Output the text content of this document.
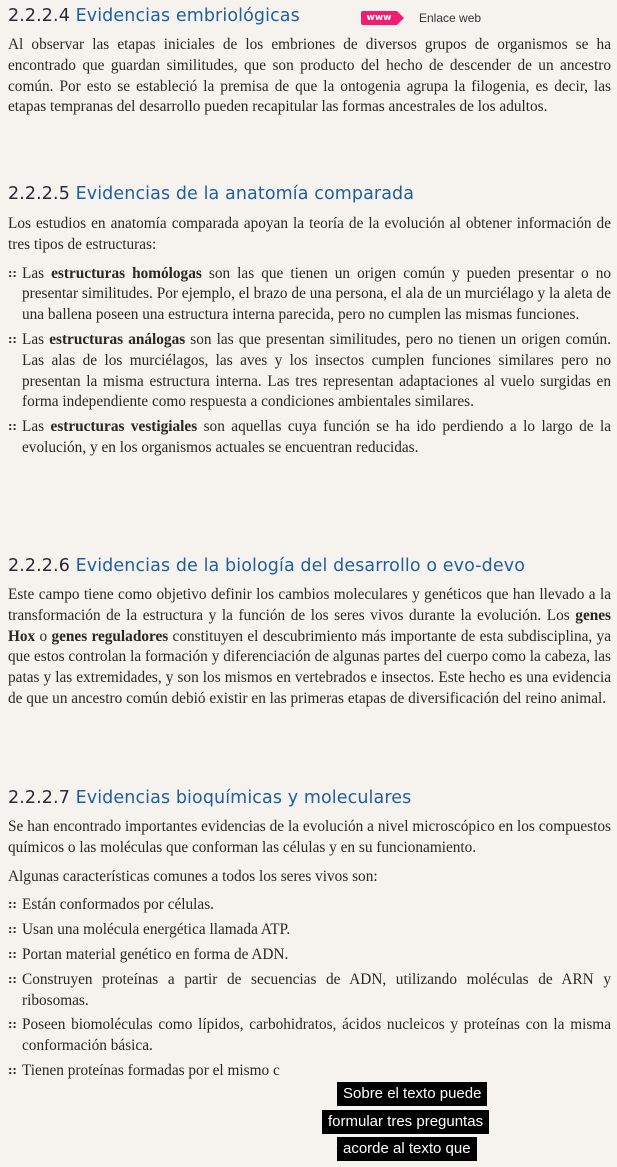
www	Enlace web
2.2.2.4 Evidencias embriológicas

Al observar las etapas iniciales de los embriones de diversos grupos de organismos se ha encontrado que guardan similitudes, que son producto del hecho de descender de un ancestro común. Por esto se estableció la premisa de que la ontogenia agrupa la filogenia, es decir, las etapas tempranas del desarrollo pueden recapitular las formas ancestrales de los adultos.

2.2.2.5 Evidencias de la anatomía comparada

Los estudios en anatomía comparada apoyan la teoría de la evolución al obtener información de tres tipos de estructuras:

:: Las estructuras homólogas son las que tienen un origen común y pueden presentar o no presentar similitudes. Por ejemplo, el brazo de una persona, el ala de un murciélago y la aleta de una ballena poseen una estructura interna parecida, pero no cumplen las mismas funciones.
:: Las estructuras análogas son las que presentan similitudes, pero no tienen un origen común. Las alas de los murciélagos, las aves y los insectos cumplen funciones similares pero no presentan la misma estructura interna. Las tres representan adaptaciones al vuelo surgidas en forma independiente como respuesta a condiciones ambientales similares.
:: Las estructuras vestigiales son aquellas cuya función se ha ido perdiendo a lo largo de la evolución, y en los organismos actuales se encuentran reducidas.
2.2.2.6 Evidencias de la biología del desarrollo o evo-devo

Este campo tiene como objetivo definir los cambios moleculares y genéticos que han llevado a la transformación de la estructura y la función de los seres vivos durante la evolución. Los genes Hox o genes reguladores constituyen el descubrimiento más importante de esta subdisciplina, ya que estos controlan la formación y diferenciación de algunas partes del cuerpo como la cabeza, las patas y las extremidades, y son los mismos en vertebrados e insectos. Este hecho es una evidencia de que un ancestro común debió existir en las primeras etapas de diversificación del reino animal.

2.2.2.7 Evidencias bioquímicas y moleculares

Se han encontrado importantes evidencias de la evolución a nivel microscópico en los compuestos químicos o las moléculas que conforman las células y en su funcionamiento.

Algunas características comunes a todos los seres vivos son:

:: Están conformados por células.
:: Usan una molécula energética llamada ATP.
:: Portan material genético en forma de ADN.
:: Construyen proteínas a partir de secuencias de ADN, utilizando moléculas de ARN y ribosomas.
:: Poseen biomoléculas como lípidos, carbohidratos, ácidos nucleicos y proteínas con la misma conformación básica.
:: Tienen proteínas formadas por el mismo c
Sobre el texto puede
formular tres preguntas
acorde al texto que
